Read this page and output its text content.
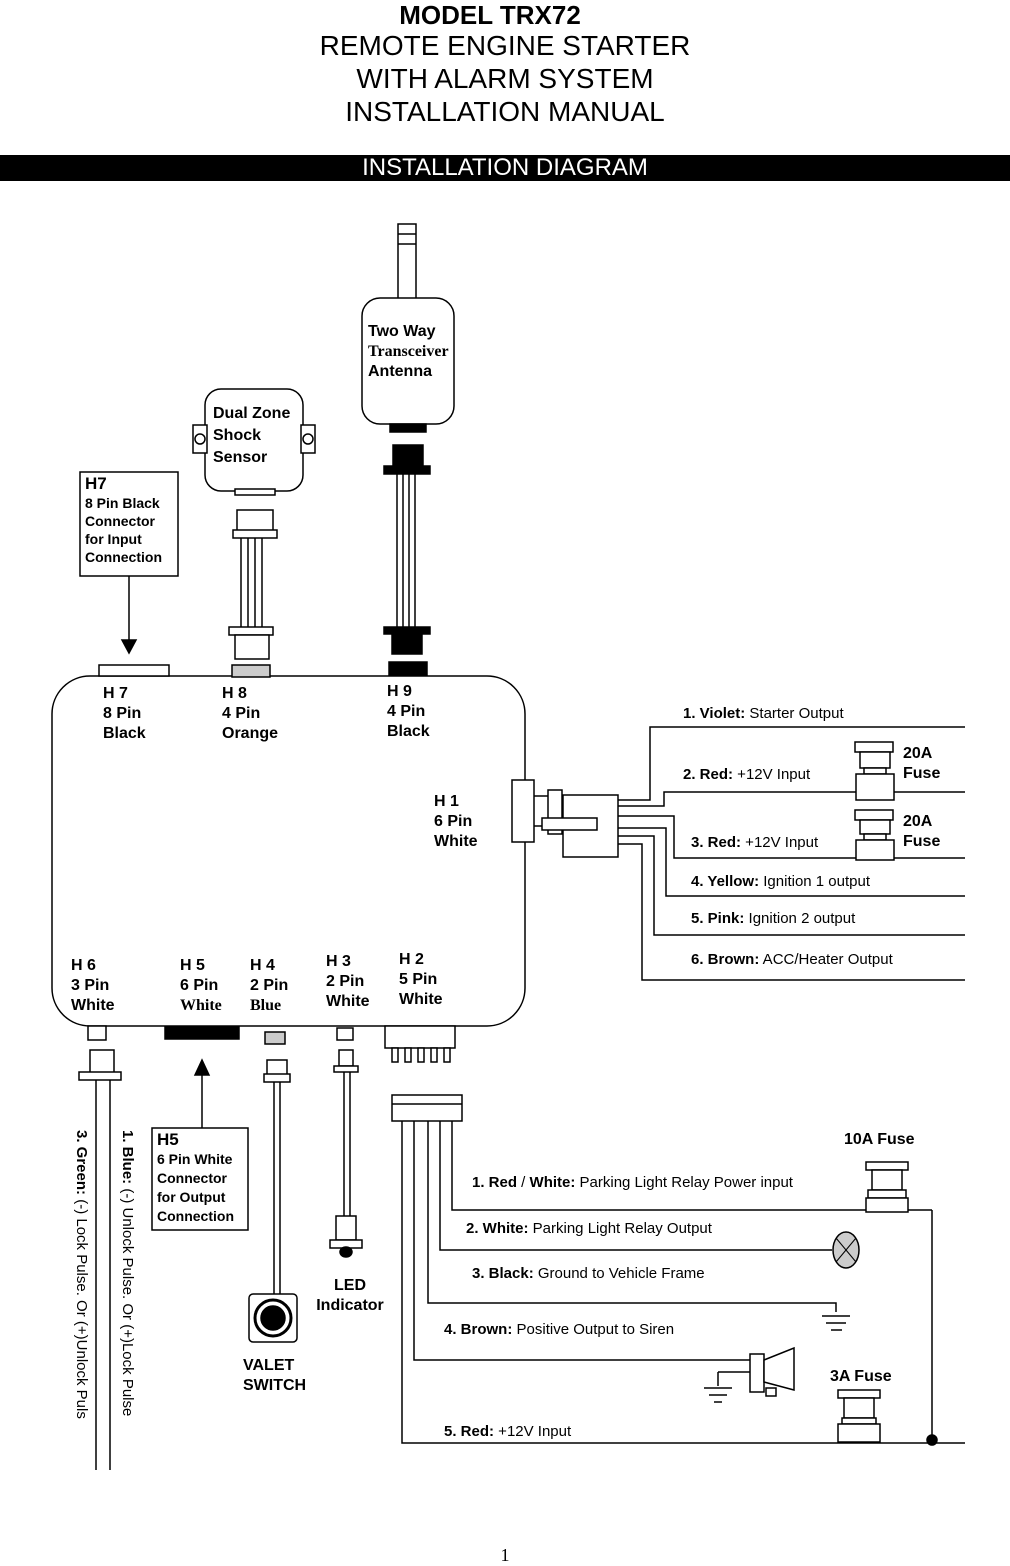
MODEL TRX72
REMOTE ENGINE STARTER
WITH ALARM SYSTEM
INSTALLATION MANUAL
INSTALLATION DIAGRAM
Two Way
Transceiver
Antenna
Dual Zone
Shock
Sensor
H7
8 Pin Black
Connector
for Input
Connection
H 7
8 Pin
Black
H 8
4 Pin
Orange
H 9
4 Pin
Black
H 1
6 Pin
White
H 6
3 Pin
White
H 5
6 Pin
White
H 4
2 Pin
Blue
H 3
2 Pin
White
H 2
5 Pin
White
1. Violet: Starter Output
2. Red: +12V Input
3. Red: +12V Input
4. Yellow: Ignition 1 output
5. Pink: Ignition 2 output
6. Brown: ACC/Heater Output
20A
Fuse
20A
Fuse
10A Fuse
3A Fuse
H5
6 Pin White
Connector
for Output
Connection
LED
Indicator
VALET
SWITCH
3. Green: (-) Lock Pulse. Or (+)Unlock Puls
1. Blue: (-) Unlock Pulse. Or (+)Lock Pulse
1. Red / White: Parking Light Relay Power input
2. White: Parking Light Relay Output
3. Black: Ground to Vehicle Frame
4. Brown: Positive Output to Siren
5. Red: +12V Input
1
